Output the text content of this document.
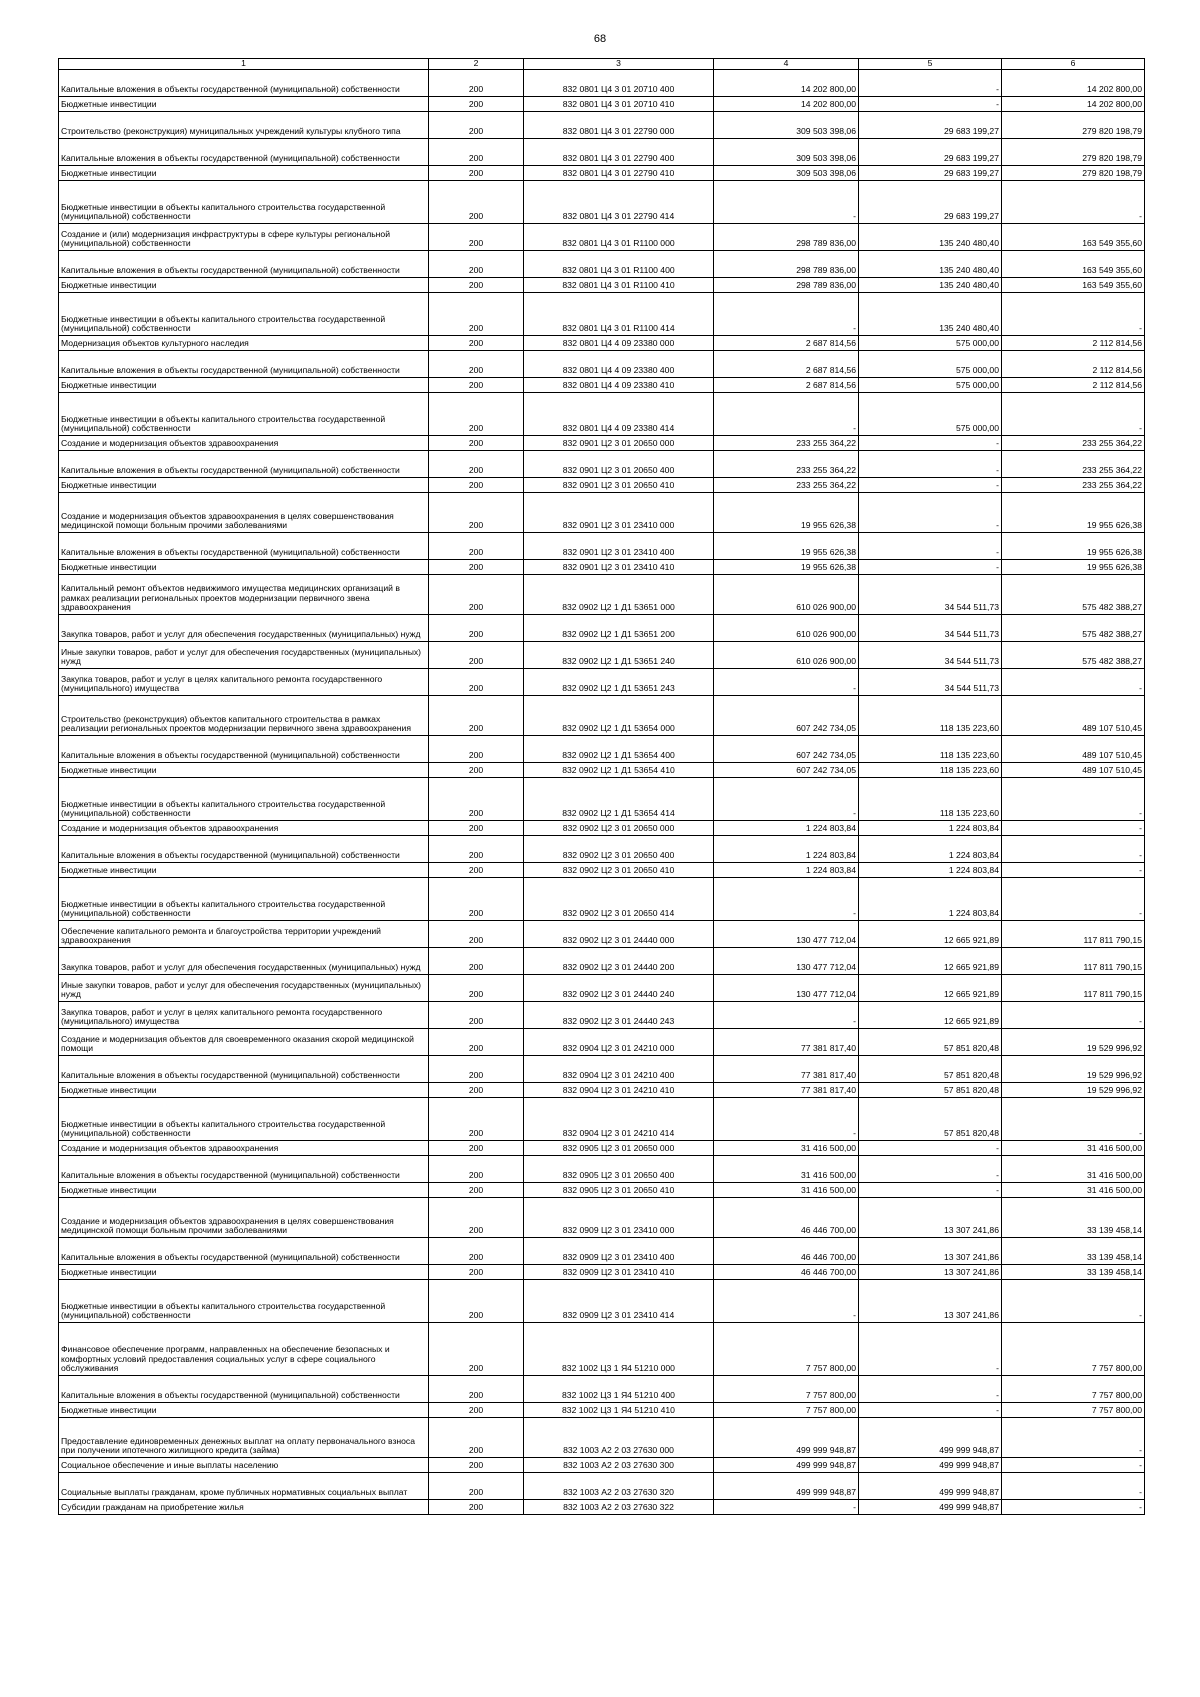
68
1	2	3	4	5	6
Капитальные вложения в объекты государственной (муниципальной) собственности	200	832 0801 Ц4 3 01 20710 400	14 202 800,00	-	14 202 800,00
Бюджетные инвестиции	200	832 0801 Ц4 3 01 20710 410	14 202 800,00	-	14 202 800,00
Строительство (реконструкция) муниципальных учреждений культуры клубного типа	200	832 0801 Ц4 3 01 22790 000	309 503 398,06	29 683 199,27	279 820 198,79
Капитальные вложения в объекты государственной (муниципальной) собственности	200	832 0801 Ц4 3 01 22790 400	309 503 398,06	29 683 199,27	279 820 198,79
Бюджетные инвестиции	200	832 0801 Ц4 3 01 22790 410	309 503 398,06	29 683 199,27	279 820 198,79
Бюджетные инвестиции в объекты капитального строительства государственной (муниципальной) собственности	200	832 0801 Ц4 3 01 22790 414	-	29 683 199,27	-
Создание и (или) модернизация инфраструктуры в сфере культуры региональной (муниципальной) собственности	200	832 0801 Ц4 3 01 R1100 000	298 789 836,00	135 240 480,40	163 549 355,60
Капитальные вложения в объекты государственной (муниципальной) собственности	200	832 0801 Ц4 3 01 R1100 400	298 789 836,00	135 240 480,40	163 549 355,60
Бюджетные инвестиции	200	832 0801 Ц4 3 01 R1100 410	298 789 836,00	135 240 480,40	163 549 355,60
Бюджетные инвестиции в объекты капитального строительства государственной (муниципальной) собственности	200	832 0801 Ц4 3 01 R1100 414	-	135 240 480,40	-
Модернизация объектов культурного наследия	200	832 0801 Ц4 4 09 23380 000	2 687 814,56	575 000,00	2 112 814,56
Капитальные вложения в объекты государственной (муниципальной) собственности	200	832 0801 Ц4 4 09 23380 400	2 687 814,56	575 000,00	2 112 814,56
Бюджетные инвестиции	200	832 0801 Ц4 4 09 23380 410	2 687 814,56	575 000,00	2 112 814,56
Бюджетные инвестиции в объекты капитального строительства государственной (муниципальной) собственности	200	832 0801 Ц4 4 09 23380 414	-	575 000,00	-
Создание и модернизация объектов здравоохранения	200	832 0901 Ц2 3 01 20650 000	233 255 364,22	-	233 255 364,22
Капитальные вложения в объекты государственной (муниципальной) собственности	200	832 0901 Ц2 3 01 20650 400	233 255 364,22	-	233 255 364,22
Бюджетные инвестиции	200	832 0901 Ц2 3 01 20650 410	233 255 364,22	-	233 255 364,22
Создание и модернизация объектов здравоохранения в целях совершенствования медицинской помощи больным прочими заболеваниями	200	832 0901 Ц2 3 01 23410 000	19 955 626,38	-	19 955 626,38
Капитальные вложения в объекты государственной (муниципальной) собственности	200	832 0901 Ц2 3 01 23410 400	19 955 626,38	-	19 955 626,38
Бюджетные инвестиции	200	832 0901 Ц2 3 01 23410 410	19 955 626,38	-	19 955 626,38
Капитальный ремонт объектов недвижимого имущества медицинских организаций в рамках реализации региональных проектов модернизации первичного звена здравоохранения	200	832 0902 Ц2 1 Д1 53651 000	610 026 900,00	34 544 511,73	575 482 388,27
Закупка товаров, работ и услуг для обеспечения государственных (муниципальных) нужд	200	832 0902 Ц2 1 Д1 53651 200	610 026 900,00	34 544 511,73	575 482 388,27
Иные закупки товаров, работ и услуг для обеспечения государственных (муниципальных) нужд	200	832 0902 Ц2 1 Д1 53651 240	610 026 900,00	34 544 511,73	575 482 388,27
Закупка товаров, работ и услуг в целях капитального ремонта государственного (муниципального) имущества	200	832 0902 Ц2 1 Д1 53651 243	-	34 544 511,73	-
Строительство (реконструкция) объектов капитального строительства в рамках реализации региональных проектов модернизации первичного звена здравоохранения	200	832 0902 Ц2 1 Д1 53654 000	607 242 734,05	118 135 223,60	489 107 510,45
Капитальные вложения в объекты государственной (муниципальной) собственности	200	832 0902 Ц2 1 Д1 53654 400	607 242 734,05	118 135 223,60	489 107 510,45
Бюджетные инвестиции	200	832 0902 Ц2 1 Д1 53654 410	607 242 734,05	118 135 223,60	489 107 510,45
Бюджетные инвестиции в объекты капитального строительства государственной (муниципальной) собственности	200	832 0902 Ц2 1 Д1 53654 414	-	118 135 223,60	-
Создание и модернизация объектов здравоохранения	200	832 0902 Ц2 3 01 20650 000	1 224 803,84	1 224 803,84	-
Капитальные вложения в объекты государственной (муниципальной) собственности	200	832 0902 Ц2 3 01 20650 400	1 224 803,84	1 224 803,84	-
Бюджетные инвестиции	200	832 0902 Ц2 3 01 20650 410	1 224 803,84	1 224 803,84	-
Бюджетные инвестиции в объекты капитального строительства государственной (муниципальной) собственности	200	832 0902 Ц2 3 01 20650 414	-	1 224 803,84	-
Обеспечение капитального ремонта и благоустройства территории учреждений здравоохранения	200	832 0902 Ц2 3 01 24440 000	130 477 712,04	12 665 921,89	117 811 790,15
Закупка товаров, работ и услуг для обеспечения государственных (муниципальных) нужд	200	832 0902 Ц2 3 01 24440 200	130 477 712,04	12 665 921,89	117 811 790,15
Иные закупки товаров, работ и услуг для обеспечения государственных (муниципальных) нужд	200	832 0902 Ц2 3 01 24440 240	130 477 712,04	12 665 921,89	117 811 790,15
Закупка товаров, работ и услуг в целях капитального ремонта государственного (муниципального) имущества	200	832 0902 Ц2 3 01 24440 243	-	12 665 921,89	-
Создание и модернизация объектов для своевременного оказания скорой медицинской помощи	200	832 0904 Ц2 3 01 24210 000	77 381 817,40	57 851 820,48	19 529 996,92
Капитальные вложения в объекты государственной (муниципальной) собственности	200	832 0904 Ц2 3 01 24210 400	77 381 817,40	57 851 820,48	19 529 996,92
Бюджетные инвестиции	200	832 0904 Ц2 3 01 24210 410	77 381 817,40	57 851 820,48	19 529 996,92
Бюджетные инвестиции в объекты капитального строительства государственной (муниципальной) собственности	200	832 0904 Ц2 3 01 24210 414	-	57 851 820,48	-
Создание и модернизация объектов здравоохранения	200	832 0905 Ц2 3 01 20650 000	31 416 500,00	-	31 416 500,00
Капитальные вложения в объекты государственной (муниципальной) собственности	200	832 0905 Ц2 3 01 20650 400	31 416 500,00	-	31 416 500,00
Бюджетные инвестиции	200	832 0905 Ц2 3 01 20650 410	31 416 500,00	-	31 416 500,00
Создание и модернизация объектов здравоохранения в целях совершенствования медицинской помощи больным прочими заболеваниями	200	832 0909 Ц2 3 01 23410 000	46 446 700,00	13 307 241,86	33 139 458,14
Капитальные вложения в объекты государственной (муниципальной) собственности	200	832 0909 Ц2 3 01 23410 400	46 446 700,00	13 307 241,86	33 139 458,14
Бюджетные инвестиции	200	832 0909 Ц2 3 01 23410 410	46 446 700,00	13 307 241,86	33 139 458,14
Бюджетные инвестиции в объекты капитального строительства государственной (муниципальной) собственности	200	832 0909 Ц2 3 01 23410 414	-	13 307 241,86	-
Финансовое обеспечение программ, направленных на обеспечение безопасных и комфортных условий предоставления социальных услуг в сфере социального обслуживания	200	832 1002 Ц3 1 Я4 51210 000	7 757 800,00	-	7 757 800,00
Капитальные вложения в объекты государственной (муниципальной) собственности	200	832 1002 Ц3 1 Я4 51210 400	7 757 800,00	-	7 757 800,00
Бюджетные инвестиции	200	832 1002 Ц3 1 Я4 51210 410	7 757 800,00	-	7 757 800,00
Предоставление единовременных денежных выплат на оплату первоначального взноса при получении ипотечного жилищного кредита (займа)	200	832 1003 А2 2 03 27630 000	499 999 948,87	499 999 948,87	-
Социальное обеспечение и иные выплаты населению	200	832 1003 А2 2 03 27630 300	499 999 948,87	499 999 948,87	-
Социальные выплаты гражданам, кроме публичных нормативных социальных выплат	200	832 1003 А2 2 03 27630 320	499 999 948,87	499 999 948,87	-
Субсидии гражданам на приобретение жилья	200	832 1003 А2 2 03 27630 322	-	499 999 948,87	-
